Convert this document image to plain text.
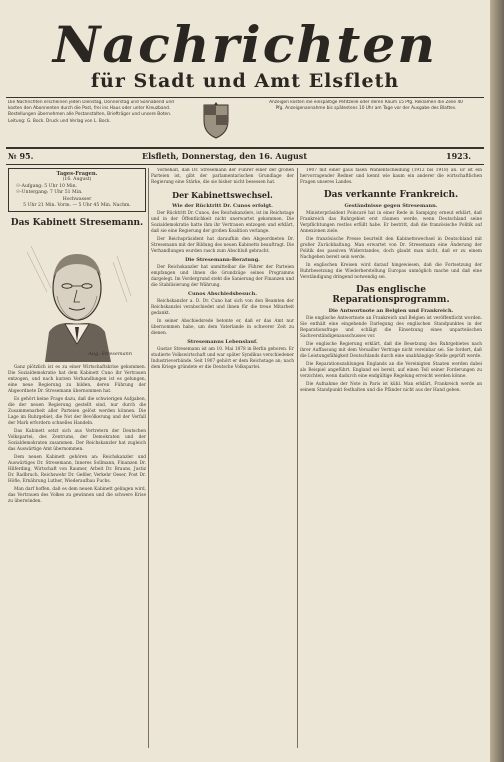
Nachrichten
für Stadt und Amt Elsfleth
Die Nachrichten erscheinen jeden Dienstag, Donnerstag und Sonnabend und kosten den Abonnenten durch die Post, frei ins Haus oder unter Kreuzband. Bestellungen übernehmen alle Postanstalten, Briefträger und unsere Boten. Leitung: G. Bock. Druck und Verlag von L. Bock.
Anzeigen kosten die einspaltige Petitzeile oder deren Raum 15 Pfg. Reklamen die Zeile 40 Pfg. Anzeigenannahme bis spätestens 10 Uhr am Tage vor der Ausgabe des Blattes.
№ 95.	Elsfleth, Donnerstag, den 16. August	1923.
Tages-Fragen.
(16. August)
☉-Aufgang: 5 Uhr 10 Min.
☉-Untergang: 7 Uhr 51 Min.
Hochwasser
5 Uhr 21 Min. Vorm. — 5 Uhr 45 Min. Nachm.
Das Kabinett Stresemann.
Aug. Stresemann

Ganz plötzlich ist es zu einer Wirtschaftskrise gekommen. Die Sozialdemokratie hat dem Kabinett Cuno ihr Vertrauen entzogen, und nach kurzen Verhandlungen ist es gelungen, eine neue Regierung zu bilden, deren Führung der Abgeordnete Dr. Stresemann übernommen hat.

Es gehört keine Frage dazu, daß die schwierigen Aufgaben, die der neuen Regierung gestellt sind, nur durch die Zusammenarbeit aller Parteien gelöst werden können. Die Lage im Ruhrgebiet, die Not der Bevölkerung und der Verfall der Mark erfordern schnelles Handeln.

Das Kabinett setzt sich aus Vertretern der Deutschen Volkspartei, des Zentrums, der Demokraten und der Sozialdemokraten zusammen. Der Reichskanzler hat zugleich das Auswärtige Amt übernommen.

Dem neuen Kabinett gehören an: Reichskanzler und Auswärtiges Dr. Stresemann, Inneres Sollmann, Finanzen Dr. Hilferding, Wirtschaft von Raumer, Arbeit Dr. Brauns, Justiz Dr. Radbruch, Reichswehr Dr. Geßler, Verkehr Oeser, Post Dr. Höfle, Ernährung Luther, Wiederaufbau Fuchs.

Man darf hoffen, daß es dem neuen Kabinett gelingen wird, das Vertrauen des Volkes zu gewinnen und die schwere Krise zu überwinden.

Vorbehalt, daß Dr. Stresemann der Führer einer der großen Parteien ist, gibt der parlamentarischen Grundlage der Regierung eine Stärke, die sie bisher nicht besessen hat.

Der Kabinettswechsel.
Wie der Rücktritt Dr. Cunos erfolgt.

Der Rücktritt Dr. Cunos, des Reichskanzlers, ist im Reichstage und in der Öffentlichkeit nicht unerwartet gekommen. Die Sozialdemokratie hatte ihm ihr Vertrauen entzogen und erklärt, daß sie eine Regierung der großen Koalition verlange.

Der Reichspräsident hat daraufhin den Abgeordneten Dr. Stresemann mit der Bildung des neuen Kabinetts beauftragt. Die Verhandlungen wurden rasch zum Abschluß gebracht.

Die Stresemann-Beratung.

Der Reichskanzler hat unmittelbar die Führer der Parteien empfangen und ihnen die Grundzüge seines Programms dargelegt. Im Vordergrund steht die Sanierung der Finanzen und die Stabilisierung der Währung.

Cunos Abschiedsbesuch.

Reichskanzler a. D. Dr. Cuno hat sich von den Beamten der Reichskanzlei verabschiedet und ihnen für die treue Mitarbeit gedankt.

In seiner Abschiedsrede betonte er, daß er das Amt nur übernommen habe, um dem Vaterlande in schwerer Zeit zu dienen.

Stresemanns Lebenslauf.

Gustav Stresemann ist am 10. Mai 1878 in Berlin geboren. Er studierte Volkswirtschaft und war später Syndikus verschiedener Industrieverbände. Seit 1907 gehört er dem Reichstage an; nach dem Kriege gründete er die Deutsche Volkspartei.

1907 mit einer gaus fasen Wahlentscheidung (1912 bis 1918) an. Er ist ein hervorragender Redner und kennt wie kaum ein anderer die wirtschaftlichen Fragen unseres Landes.

Das verkannte Frankreich.
Geständnisse gegen Stresemann.

Ministerpräsident Poincaré hat in einer Rede in Sampigny erneut erklärt, daß Frankreich das Ruhrgebiet erst räumen werde, wenn Deutschland seine Verpflichtungen restlos erfüllt habe. Er bestritt, daß die französische Politik auf Annexionen ziele.

Die französische Presse beurteilt den Kabinettswechsel in Deutschland mit großer Zurückhaltung. Man erwartet von Dr. Stresemann eine Änderung der Politik des passiven Widerstandes, doch glaubt man nicht, daß er zu einem Nachgeben bereit sein werde.

In englischen Kreisen wird darauf hingewiesen, daß die Fortsetzung der Ruhrbesetzung die Wiederherstellung Europas unmöglich mache und daß eine Verständigung dringend notwendig sei.

Das englische Reparationsprogramm.
Die Antwortnote an Belgien und Frankreich.

Die englische Antwortnote an Frankreich und Belgien ist veröffentlicht worden. Sie enthält eine eingehende Darlegung des englischen Standpunktes in der Reparationsfrage und schlägt die Einsetzung eines unparteiischen Sachverständigenausschusses vor.

Die englische Regierung erklärt, daß die Besetzung des Ruhrgebietes nach ihrer Auffassung mit dem Versailler Vertrage nicht vereinbar sei. Sie fordert, daß die Leistungsfähigkeit Deutschlands durch eine unabhängige Stelle geprüft werde.

Die Reparationszahlungen Englands an die Vereinigten Staaten werden dabei als Beispiel angeführt. England sei bereit, auf einen Teil seiner Forderungen zu verzichten, wenn dadurch eine endgültige Regelung erreicht werden könne.

Die Aufnahme der Note in Paris ist kühl. Man erklärt, Frankreich werde an seinem Standpunkt festhalten und die Pfänder nicht aus der Hand geben.
